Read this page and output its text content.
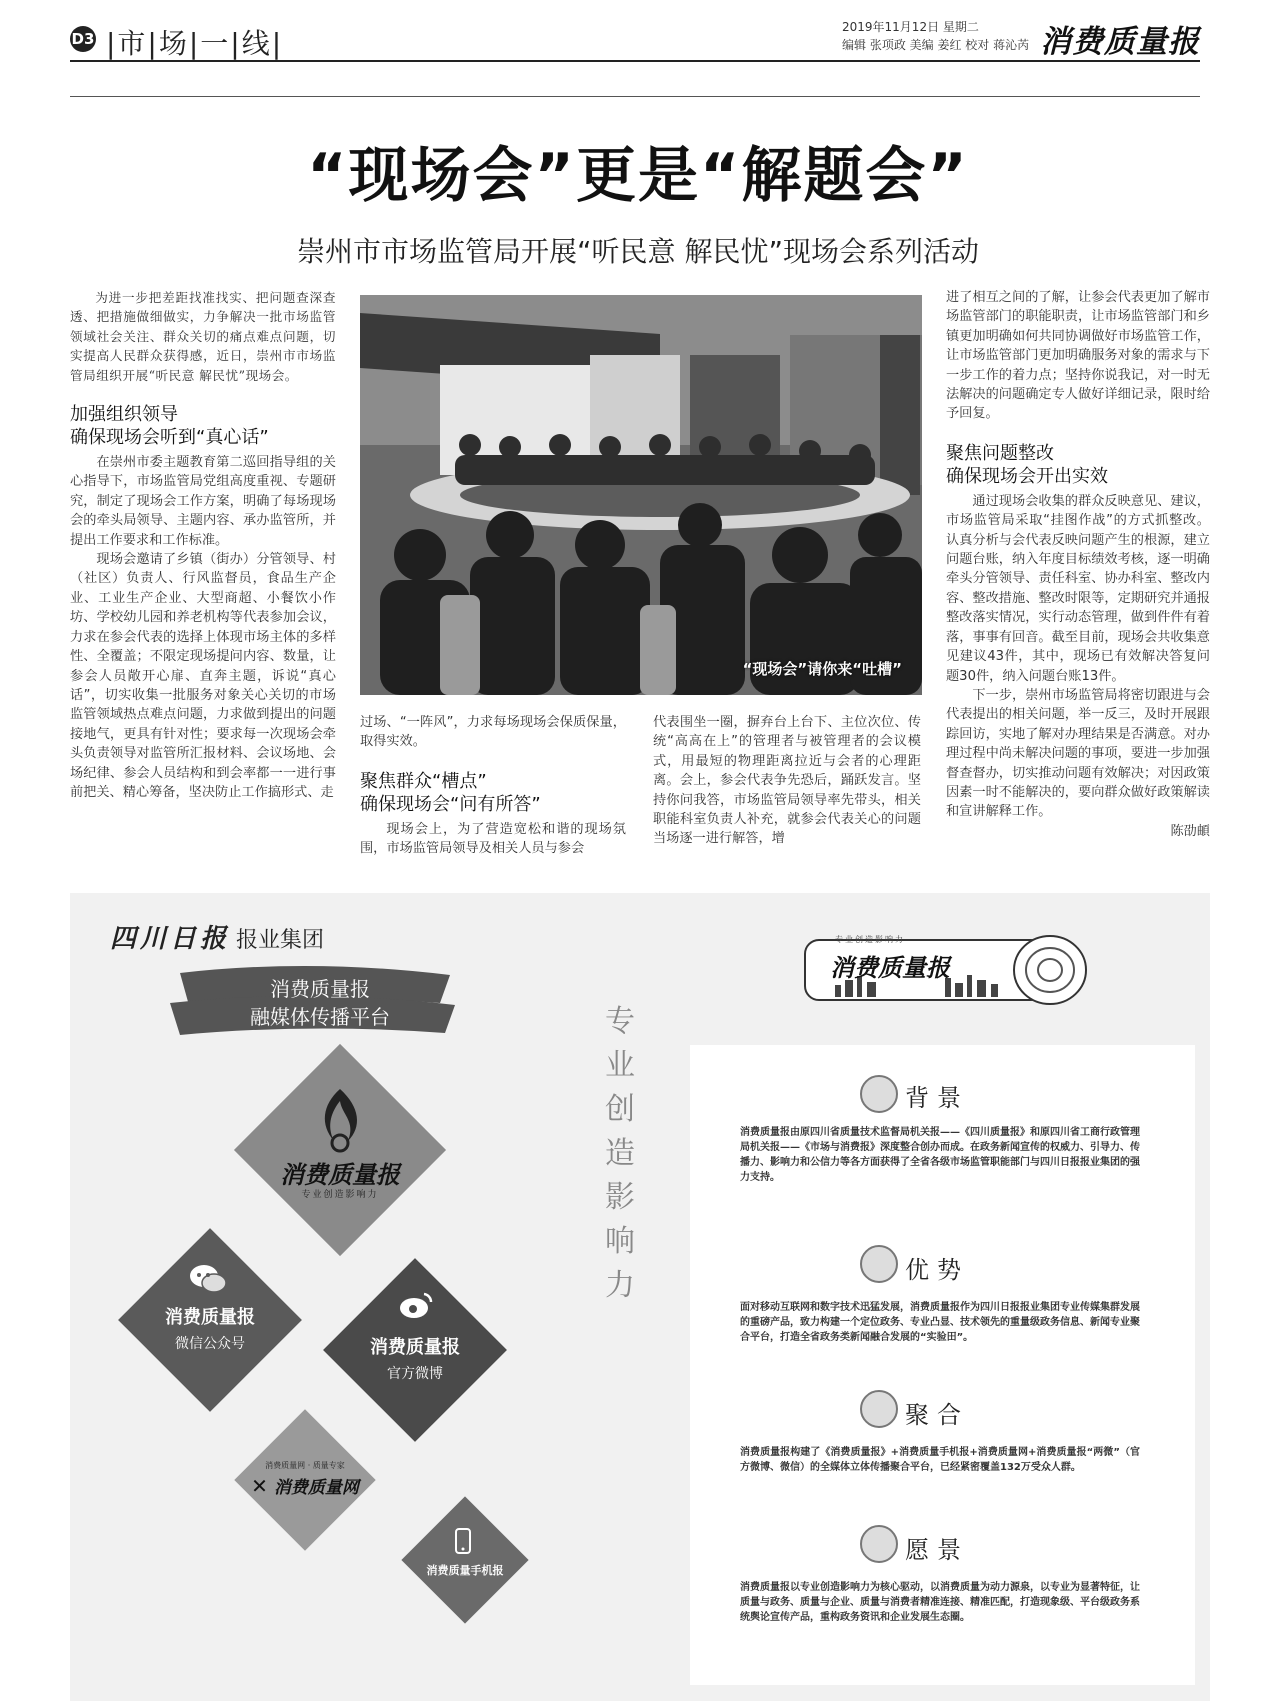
D3 |市|场|一|线|	2019年11月12日 星期二
编辑 张项政 美编 姜红 校对 蒋沁芮 消费质量报
“现场会”更是“解题会”
崇州市市场监管局开展“听民意 解民忧”现场会系列活动

为进一步把差距找准找实、把问题查深查透、把措施做细做实，力争解决一批市场监管领域社会关注、群众关切的痛点难点问题，切实提高人民群众获得感，近日，崇州市市场监管局组织开展“听民意 解民忧”现场会。

加强组织领导
确保现场会听到“真心话”

在崇州市委主题教育第二巡回指导组的关心指导下，市场监管局党组高度重视、专题研究，制定了现场会工作方案，明确了每场现场会的牵头局领导、主题内容、承办监管所，并提出工作要求和工作标准。

现场会邀请了乡镇（街办）分管领导、村（社区）负责人、行风监督员，食品生产企业、工业生产企业、大型商超、小餐饮小作坊、学校幼儿园和养老机构等代表参加会议，力求在参会代表的选择上体现市场主体的多样性、全覆盖；不限定现场提问内容、数量，让参会人员敞开心扉、直奔主题，诉说“真心话”，切实收集一批服务对象关心关切的市场监管领域热点难点问题，力求做到提出的问题接地气，更具有针对性；要求每一次现场会牵头负责领导对监管所汇报材料、会议场地、会场纪律、参会人员结构和到会率都一一进行事前把关、精心筹备，坚决防止工作搞形式、走

“现场会”请你来“吐槽”

过场、“一阵风”，力求每场现场会保质保量，取得实效。

聚焦群众“槽点”
确保现场会“问有所答”

现场会上，为了营造宽松和谐的现场氛围，市场监管局领导及相关人员与参会

代表围坐一圈，摒弃台上台下、主位次位、传统“高高在上”的管理者与被管理者的会议模式，用最短的物理距离拉近与会者的心理距离。会上，参会代表争先恐后，踊跃发言。坚持你问我答，市场监管局领导率先带头，相关职能科室负责人补充，就参会代表关心的问题当场逐一进行解答，增

进了相互之间的了解，让参会代表更加了解市场监管部门的职能职责，让市场监管部门和乡镇更加明确如何共同协调做好市场监管工作，让市场监管部门更加明确服务对象的需求与下一步工作的着力点；坚持你说我记，对一时无法解决的问题确定专人做好详细记录，限时给予回复。

聚焦问题整改
确保现场会开出实效

通过现场会收集的群众反映意见、建议，市场监管局采取“挂图作战”的方式抓整改。认真分析与会代表反映问题产生的根源，建立问题台账，纳入年度目标绩效考核，逐一明确牵头分管领导、责任科室、协办科室、整改内容、整改措施、整改时限等，定期研究并通报整改落实情况，实行动态管理，做到件件有着落，事事有回音。截至目前，现场会共收集意见建议43件，其中，现场已有效解决答复问题30件，纳入问题台账13件。

下一步，崇州市场监管局将密切跟进与会代表提出的相关问题，举一反三，及时开展跟踪回访，实地了解对办理结果是否满意。对办理过程中尚未解决问题的事项，要进一步加强督查督办，切实推动问题有效解决；对因政策因素一时不能解决的，要向群众做好政策解读和宣讲解释工作。

陈劭頔
四川日报 报业集团
消费质量报
融媒体传播平台
消费质量报
专业创造影响力
消费质量报
微信公众号	消费质量报
官方微博
消费质量网 · 质量专家
✕ 消费质量网
消费质量手机报
专
业
创
造
影
响
力
专业创造影响力
消费质量报
背景
消费质量报由原四川省质量技术监督局机关报——《四川质量报》和原四川省工商行政管理局机关报——《市场与消费报》深度整合创办而成。在政务新闻宣传的权威力、引导力、传播力、影响力和公信力等各方面获得了全省各级市场监管职能部门与四川日报报业集团的强力支持。
优势
面对移动互联网和数字技术迅猛发展，消费质量报作为四川日报报业集团专业传媒集群发展的重磅产品，致力构建一个定位政务、专业凸显、技术领先的重量级政务信息、新闻专业聚合平台，打造全省政务类新闻融合发展的“实验田”。
聚合
消费质量报构建了《消费质量报》+消费质量手机报+消费质量网+消费质量报“两微”（官方微博、微信）的全媒体立体传播聚合平台，已经紧密覆盖132万受众人群。
愿景
消费质量报以专业创造影响力为核心驱动，以消费质量为动力源泉，以专业为显著特征，让质量与政务、质量与企业、质量与消费者精准连接、精准匹配，打造现象级、平台级政务系统舆论宣传产品，重构政务资讯和企业发展生态圈。
